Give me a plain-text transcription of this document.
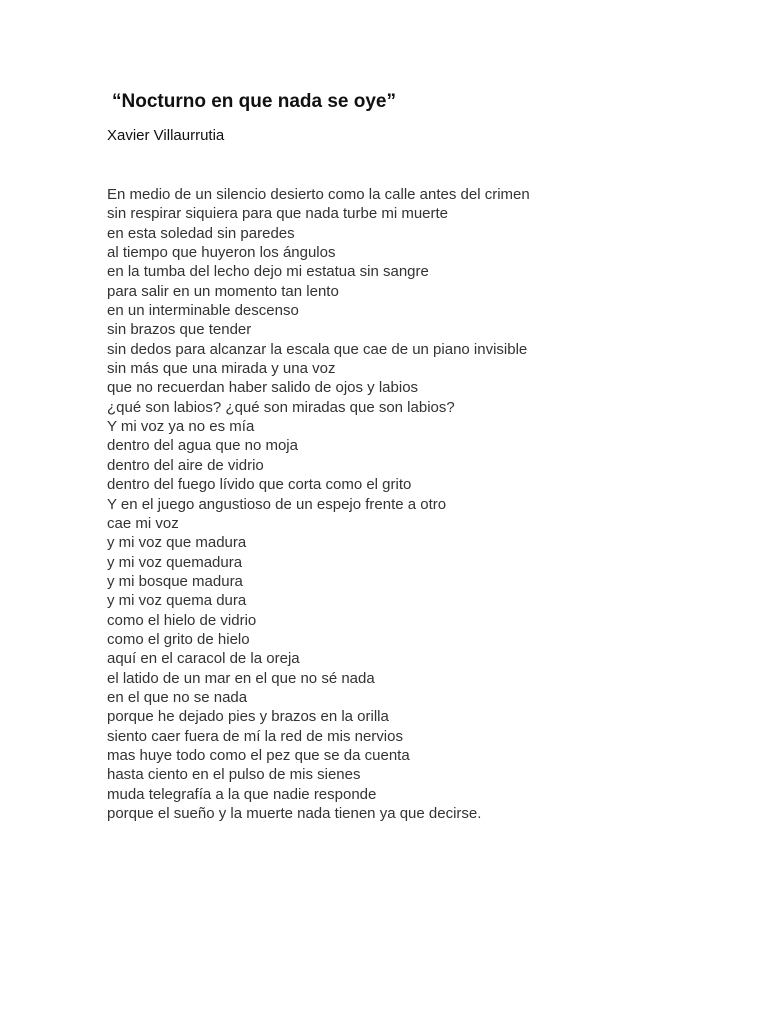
“Nocturno en que nada se oye”

Xavier Villaurrutia

En medio de un silencio desierto como la calle antes del crimen
sin respirar siquiera para que nada turbe mi muerte
en esta soledad sin paredes
al tiempo que huyeron los ángulos
en la tumba del lecho dejo mi estatua sin sangre
para salir en un momento tan lento
en un interminable descenso
sin brazos que tender
sin dedos para alcanzar la escala que cae de un piano invisible
sin más que una mirada y una voz
que no recuerdan haber salido de ojos y labios
¿qué son labios? ¿qué son miradas que son labios?
Y mi voz ya no es mía
dentro del agua que no moja
dentro del aire de vidrio
dentro del fuego lívido que corta como el grito
Y en el juego angustioso de un espejo frente a otro
cae mi voz
y mi voz que madura
y mi voz quemadura
y mi bosque madura
y mi voz quema dura
como el hielo de vidrio
como el grito de hielo
aquí en el caracol de la oreja
el latido de un mar en el que no sé nada
en el que no se nada
porque he dejado pies y brazos en la orilla
siento caer fuera de mí la red de mis nervios
mas huye todo como el pez que se da cuenta
hasta ciento en el pulso de mis sienes
muda telegrafía a la que nadie responde
porque el sueño y la muerte nada tienen ya que decirse.
